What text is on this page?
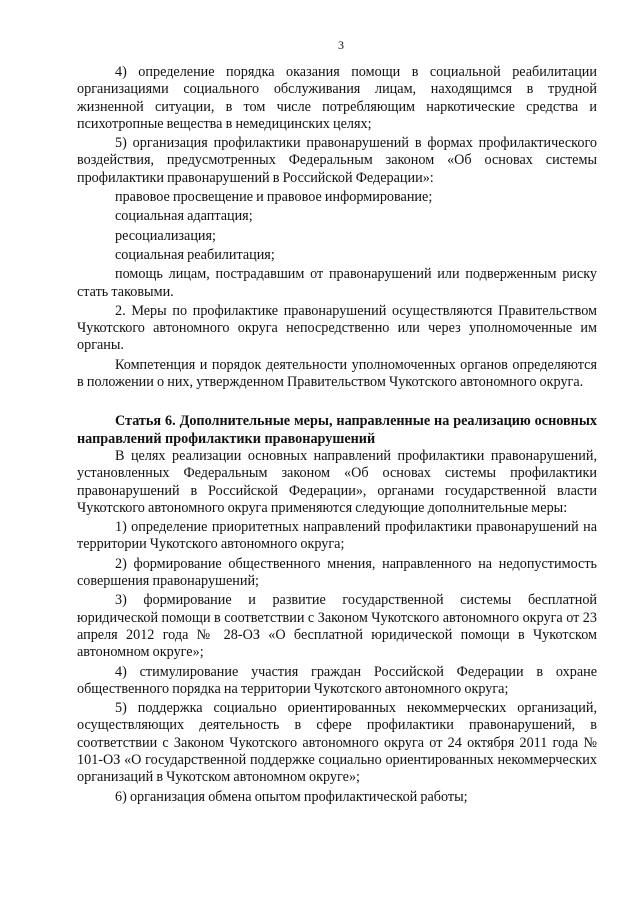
3

4) определение порядка оказания помощи в социальной реабилитации организациями социального обслуживания лицам, находящимся в трудной жизненной ситуации, в том числе потребляющим наркотические средства и психотропные вещества в немедицинских целях;

5) организация профилактики правонарушений в формах профилактического воздействия, предусмотренных Федеральным законом «Об основах системы профилактики правонарушений в Российской Федерации»:

правовое просвещение и правовое информирование;

социальная адаптация;

ресоциализация;

социальная реабилитация;

помощь лицам, пострадавшим от правонарушений или подверженным риску стать таковыми.

2. Меры по профилактике правонарушений осуществляются Правительством Чукотского автономного округа непосредственно или через уполномоченные им органы.

Компетенция и порядок деятельности уполномоченных органов определяются в положении о них, утвержденном Правительством Чукотского автономного округа.

Статья 6. Дополнительные меры, направленные на реализацию основных направлений профилактики правонарушений

В целях реализации основных направлений профилактики правонарушений, установленных Федеральным законом «Об основах системы профилактики правонарушений в Российской Федерации», органами государственной власти Чукотского автономного округа применяются следующие дополнительные меры:

1) определение приоритетных направлений профилактики правонарушений на территории Чукотского автономного округа;

2) формирование общественного мнения, направленного на недопустимость совершения правонарушений;

3) формирование и развитие государственной системы бесплатной юридической помощи в соответствии с Законом Чукотского автономного округа от 23 апреля 2012 года № 28-ОЗ «О бесплатной юридической помощи в Чукотском автономном округе»;

4) стимулирование участия граждан Российской Федерации в охране общественного порядка на территории Чукотского автономного округа;

5) поддержка социально ориентированных некоммерческих организаций, осуществляющих деятельность в сфере профилактики правонарушений, в соответствии с Законом Чукотского автономного округа от 24 октября 2011 года № 101-ОЗ «О государственной поддержке социально ориентированных некоммерческих организаций в Чукотском автономном округе»;

6) организация обмена опытом профилактической работы;
